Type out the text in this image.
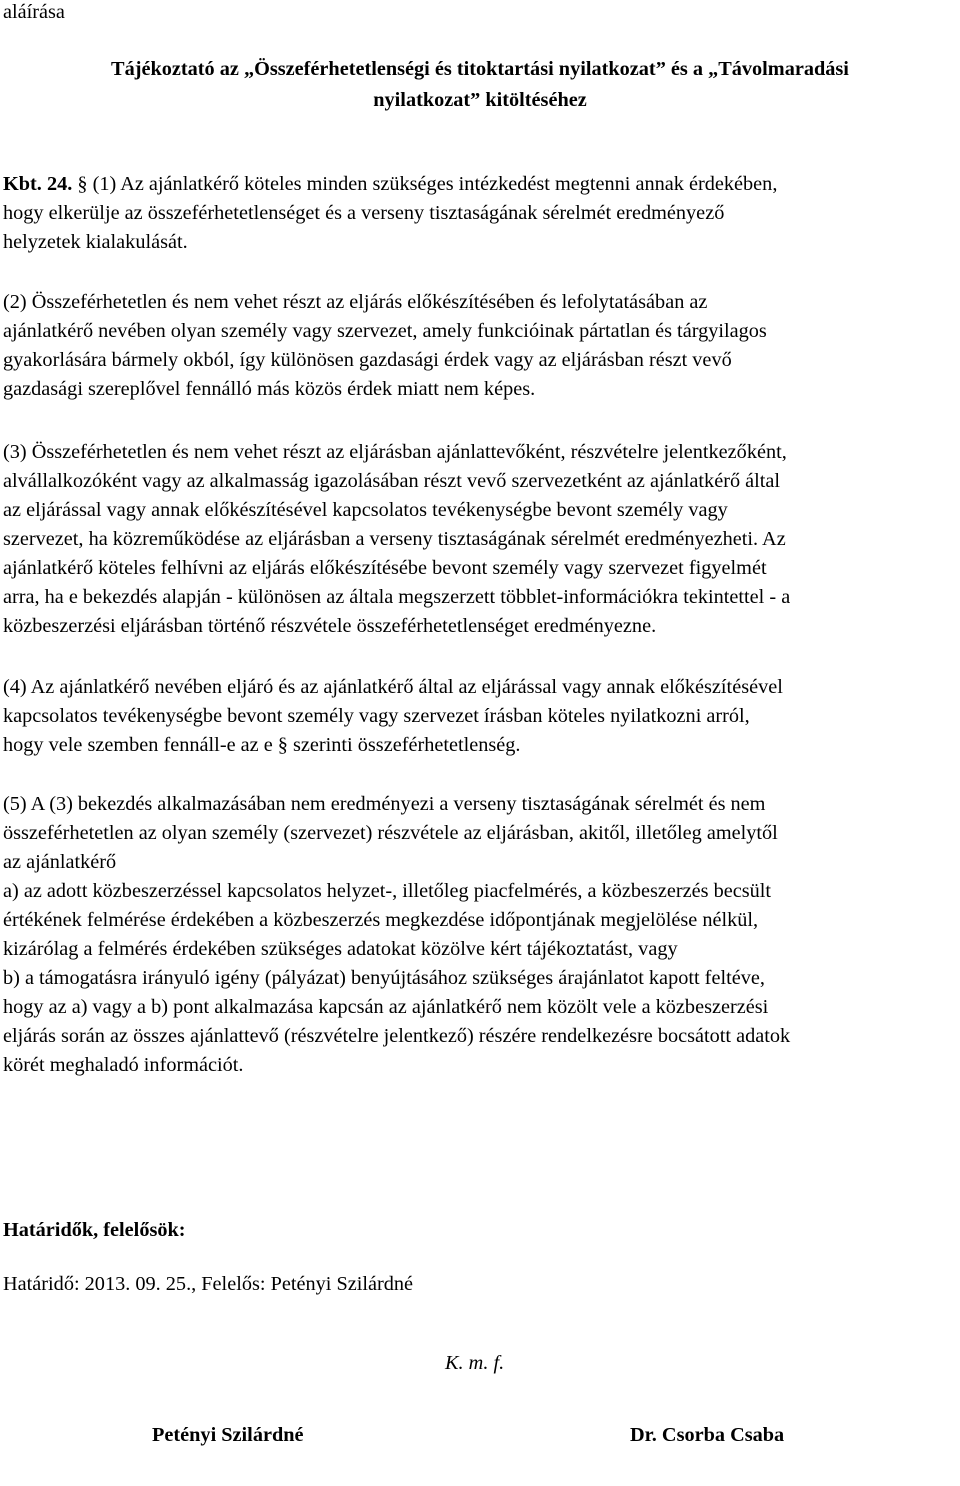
aláírása

Tájékoztató az „Összeférhetetlenségi és titoktartási nyilatkozat” és a „Távolmaradási
nyilatkozat” kitöltéséhez

Kbt. 24. § (1) Az ajánlatkérő köteles minden szükséges intézkedést megtenni annak érdekében,
hogy elkerülje az összeférhetetlenséget és a verseny tisztaságának sérelmét eredményező
helyzetek kialakulását.

(2) Összeférhetetlen és nem vehet részt az eljárás előkészítésében és lefolytatásában az
ajánlatkérő nevében olyan személy vagy szervezet, amely funkcióinak pártatlan és tárgyilagos
gyakorlására bármely okból, így különösen gazdasági érdek vagy az eljárásban részt vevő
gazdasági szereplővel fennálló más közös érdek miatt nem képes.

(3) Összeférhetetlen és nem vehet részt az eljárásban ajánlattevőként, részvételre jelentkezőként,
alvállalkozóként vagy az alkalmasság igazolásában részt vevő szervezetként az ajánlatkérő által
az eljárással vagy annak előkészítésével kapcsolatos tevékenységbe bevont személy vagy
szervezet, ha közreműködése az eljárásban a verseny tisztaságának sérelmét eredményezheti. Az
ajánlatkérő köteles felhívni az eljárás előkészítésébe bevont személy vagy szervezet figyelmét
arra, ha e bekezdés alapján - különösen az általa megszerzett többlet-információkra tekintettel - a
közbeszerzési eljárásban történő részvétele összeférhetetlenséget eredményezne.

(4) Az ajánlatkérő nevében eljáró és az ajánlatkérő által az eljárással vagy annak előkészítésével
kapcsolatos tevékenységbe bevont személy vagy szervezet írásban köteles nyilatkozni arról,
hogy vele szemben fennáll-e az e § szerinti összeférhetetlenség.

(5) A (3) bekezdés alkalmazásában nem eredményezi a verseny tisztaságának sérelmét és nem
összeférhetetlen az olyan személy (szervezet) részvétele az eljárásban, akitől, illetőleg amelytől
az ajánlatkérő
a) az adott közbeszerzéssel kapcsolatos helyzet-, illetőleg piacfelmérés, a közbeszerzés becsült
értékének felmérése érdekében a közbeszerzés megkezdése időpontjának megjelölése nélkül,
kizárólag a felmérés érdekében szükséges adatokat közölve kért tájékoztatást, vagy
b) a támogatásra irányuló igény (pályázat) benyújtásához szükséges árajánlatot kapott feltéve,
hogy az a) vagy a b) pont alkalmazása kapcsán az ajánlatkérő nem közölt vele a közbeszerzési
eljárás során az összes ajánlattevő (részvételre jelentkező) részére rendelkezésre bocsátott adatok
körét meghaladó információt.

Határidők, felelősök:

Határidő: 2013. 09. 25., Felelős: Petényi Szilárdné

K. m. f.

Petényi Szilárdné	Dr. Csorba Csaba
